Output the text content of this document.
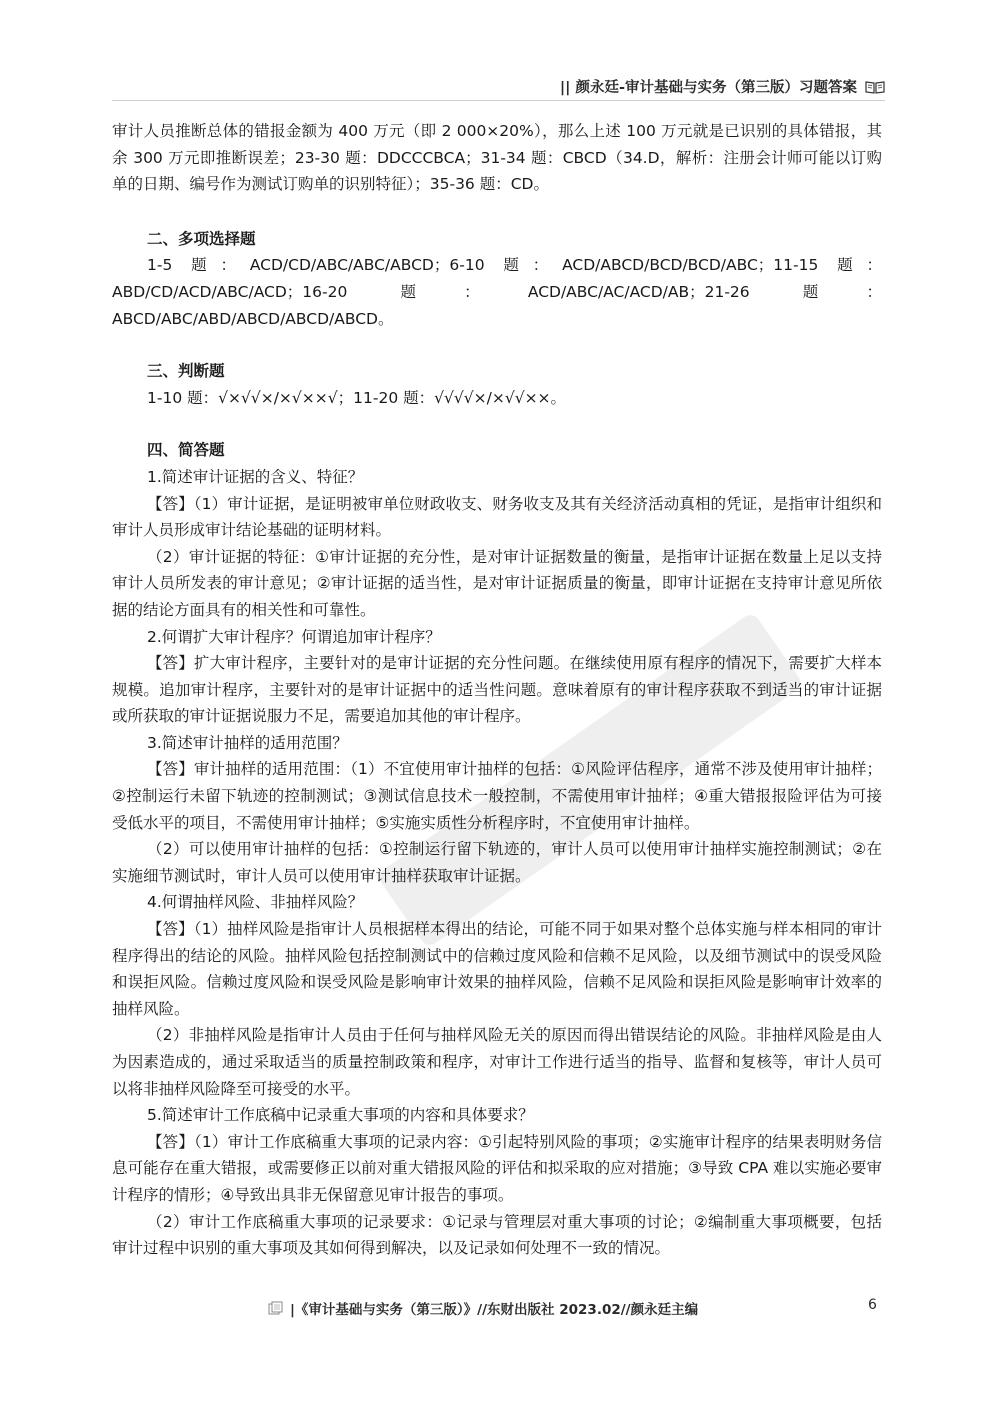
|| 颜永廷-审计基础与实务（第三版）习题答案

审计人员推断总体的错报金额为 400 万元（即 2 000×20%），那么上述 100 万元就是已识别的具体错报，其余 300 万元即推断误差；23-30 题：DDCCCBCA；31-34 题：CBCD（34.D，解析：注册会计师可能以订购单的日期、编号作为测试订购单的识别特征）；35-36 题：CD。

二、多项选择题

1-5 题：ACD/CD/ABC/ABC/ABCD；6-10 题：ACD/ABCD/BCD/BCD/ABC；11-15 题：ABD/CD/ACD/ABC/ACD；16-20 题：ACD/ABC/AC/ACD/AB；21-26 题：ABCD/ABC/ABD/ABCD/ABCD/ABCD。

三、判断题

1-10 题：√×√√×/×√××√；11-20 题：√√√√×/×√√××。

四、简答题

1.简述审计证据的含义、特征？

【答】（1）审计证据，是证明被审单位财政收支、财务收支及其有关经济活动真相的凭证，是指审计组织和审计人员形成审计结论基础的证明材料。

（2）审计证据的特征：①审计证据的充分性，是对审计证据数量的衡量，是指审计证据在数量上足以支持审计人员所发表的审计意见；②审计证据的适当性，是对审计证据质量的衡量，即审计证据在支持审计意见所依据的结论方面具有的相关性和可靠性。

2.何谓扩大审计程序？何谓追加审计程序？

【答】扩大审计程序，主要针对的是审计证据的充分性问题。在继续使用原有程序的情况下，需要扩大样本规模。追加审计程序，主要针对的是审计证据中的适当性问题。意味着原有的审计程序获取不到适当的审计证据或所获取的审计证据说服力不足，需要追加其他的审计程序。

3.简述审计抽样的适用范围？

【答】审计抽样的适用范围：（1）不宜使用审计抽样的包括：①风险评估程序，通常不涉及使用审计抽样；②控制运行未留下轨迹的控制测试；③测试信息技术一般控制，不需使用审计抽样；④重大错报报险评估为可接受低水平的项目，不需使用审计抽样；⑤实施实质性分析程序时，不宜使用审计抽样。

（2）可以使用审计抽样的包括：①控制运行留下轨迹的，审计人员可以使用审计抽样实施控制测试；②在实施细节测试时，审计人员可以使用审计抽样获取审计证据。

4.何谓抽样风险、非抽样风险？

【答】（1）抽样风险是指审计人员根据样本得出的结论，可能不同于如果对整个总体实施与样本相同的审计程序得出的结论的风险。抽样风险包括控制测试中的信赖过度风险和信赖不足风险，以及细节测试中的误受风险和误拒风险。信赖过度风险和误受风险是影响审计效果的抽样风险，信赖不足风险和误拒风险是影响审计效率的抽样风险。

（2）非抽样风险是指审计人员由于任何与抽样风险无关的原因而得出错误结论的风险。非抽样风险是由人为因素造成的，通过采取适当的质量控制政策和程序，对审计工作进行适当的指导、监督和复核等，审计人员可以将非抽样风险降至可接受的水平。

5.简述审计工作底稿中记录重大事项的内容和具体要求？

【答】（1）审计工作底稿重大事项的记录内容：①引起特别风险的事项；②实施审计程序的结果表明财务信息可能存在重大错报，或需要修正以前对重大错报风险的评估和拟采取的应对措施；③导致 CPA 难以实施必要审计程序的情形；④导致出具非无保留意见审计报告的事项。

（2）审计工作底稿重大事项的记录要求：①记录与管理层对重大事项的讨论；②编制重大事项概要，包括审计过程中识别的重大事项及其如何得到解决，以及记录如何处理不一致的情况。

|《审计基础与实务（第三版）》//东财出版社 2023.02//颜永廷主编	6
